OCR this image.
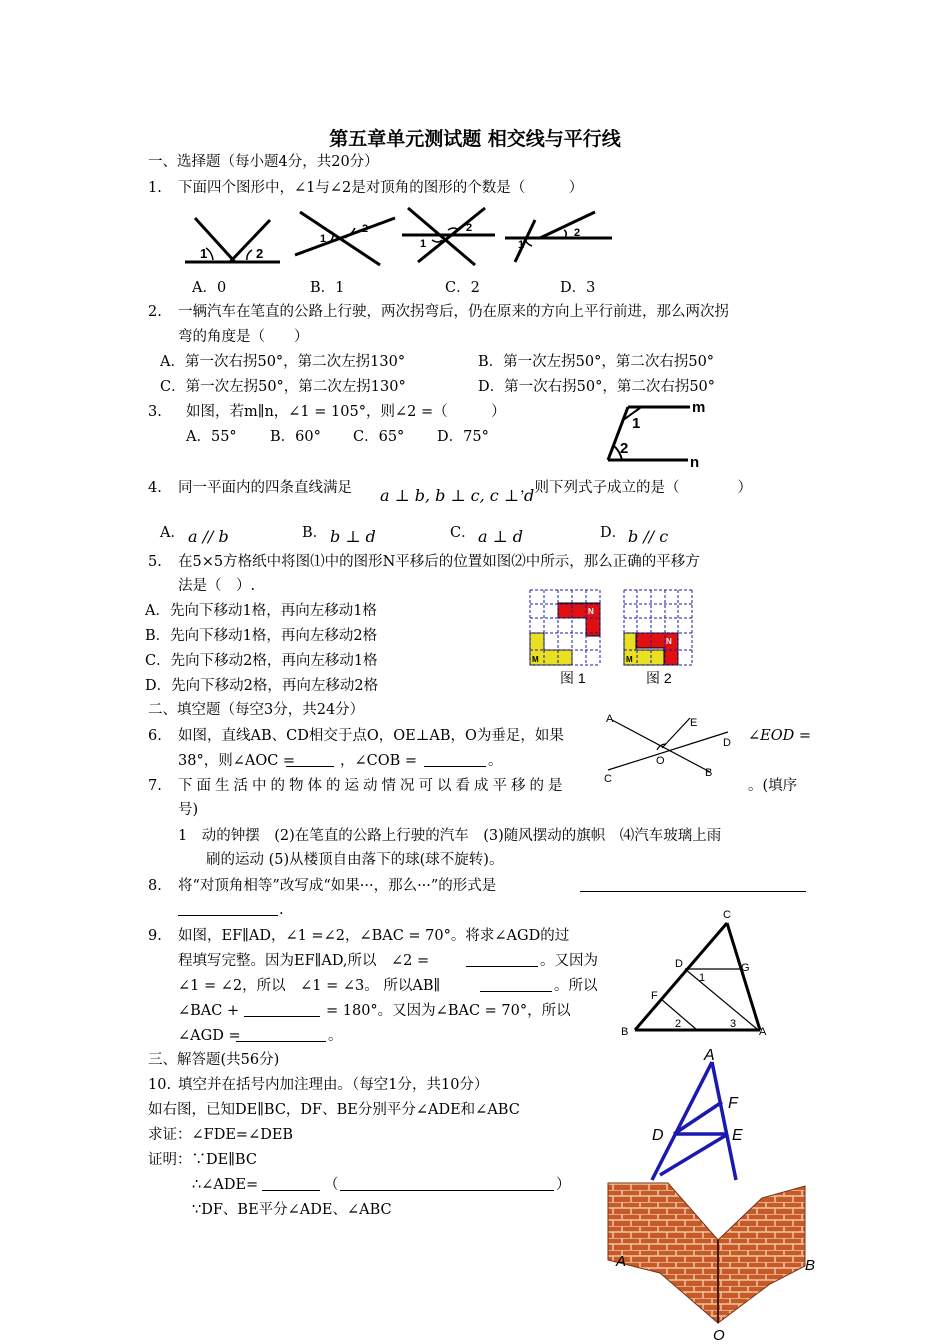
第五章单元测试题 相交线与平行线
一、选择题（每小题4分，共20分）
1. 下面四个图形中，∠1与∠2是对顶角的图形的个数是（　　　）
1	2
1
2
1
2
1
2
A．0	B．1	C．2	D．3
2. 一辆汽车在笔直的公路上行驶，两次拐弯后，仍在原来的方向上平行前进，那么两次拐
弯的角度是（　　）
A．第一次右拐50°，第二次左拐130°	B．第一次左拐50°，第二次右拐50°
C．第一次左拐50°，第二次左拐130°	D．第一次右拐50°，第二次右拐50°
3. 如图，若m∥n，∠1 = 105°，则∠2 =（　　　）
A．55° B．60° C．65° D．75°
m
n
1
2
4. 同一平面内的四条直线满足 a ⊥ b, b ⊥ c, c ⊥ d
，则下列式子成立的是（　　　　）
A． a // b	B． b ⊥ d	C． a ⊥ d	D． b // c
5. 在5×5方格纸中将图⑴中的图形N平移后的位置如图⑵中所示，那么正确的平移方
法是（　）.
A．先向下移动1格，再向左移动1格
B．先向下移动1格，再向左移动2格
C．先向下移动2格，再向左移动1格
D．先向下移动2格，再向左移动2格
N
N
M	M
图 1	图 2
二、填空题（每空3分，共24分）
6. 如图，直线AB、CD相交于点O，OE⊥AB，O为垂足，如果	∠EOD =
38°，则∠AOC =	，∠COB =	。
A	E
D
O
C	B
7. 下面生活中的物体的运动情况可以看成平移的是	。(填序
号)
1　动的钟摆　(2)在笔直的公路上行驶的汽车　(3)随风摆动的旗帜　⑷汽车玻璃上雨
刷的运动 (5)从楼顶自由落下的球(球不旋转)。
8. 将“对顶角相等”改写成“如果···，那么···”的形式是
.
9. 如图，EF∥AD，∠1 =∠2，∠BAC = 70°。将求∠AGD的过
程填写完整。因为EF∥AD,所以　∠2 =	。又因为
∠1 = ∠2，所以　∠1 = ∠3。 所以AB∥	。所以
∠BAC +	= 180°。又因为∠BAC = 70°，所以
∠AGD =	。
C
D	G
F
B	A
1
2	3
三、解答题(共56分)
10. 填空并在括号内加注理由。（每空1分，共10分）
如右图，已知DE∥BC，DF、BE分别平分∠ADE和∠ABC
求证：∠FDE=∠DEB
证明：∵DE∥BC
∴∠ADE=	（	）
∵DF、BE平分∠ADE、∠ABC
A
F
D	E
A	B
O
